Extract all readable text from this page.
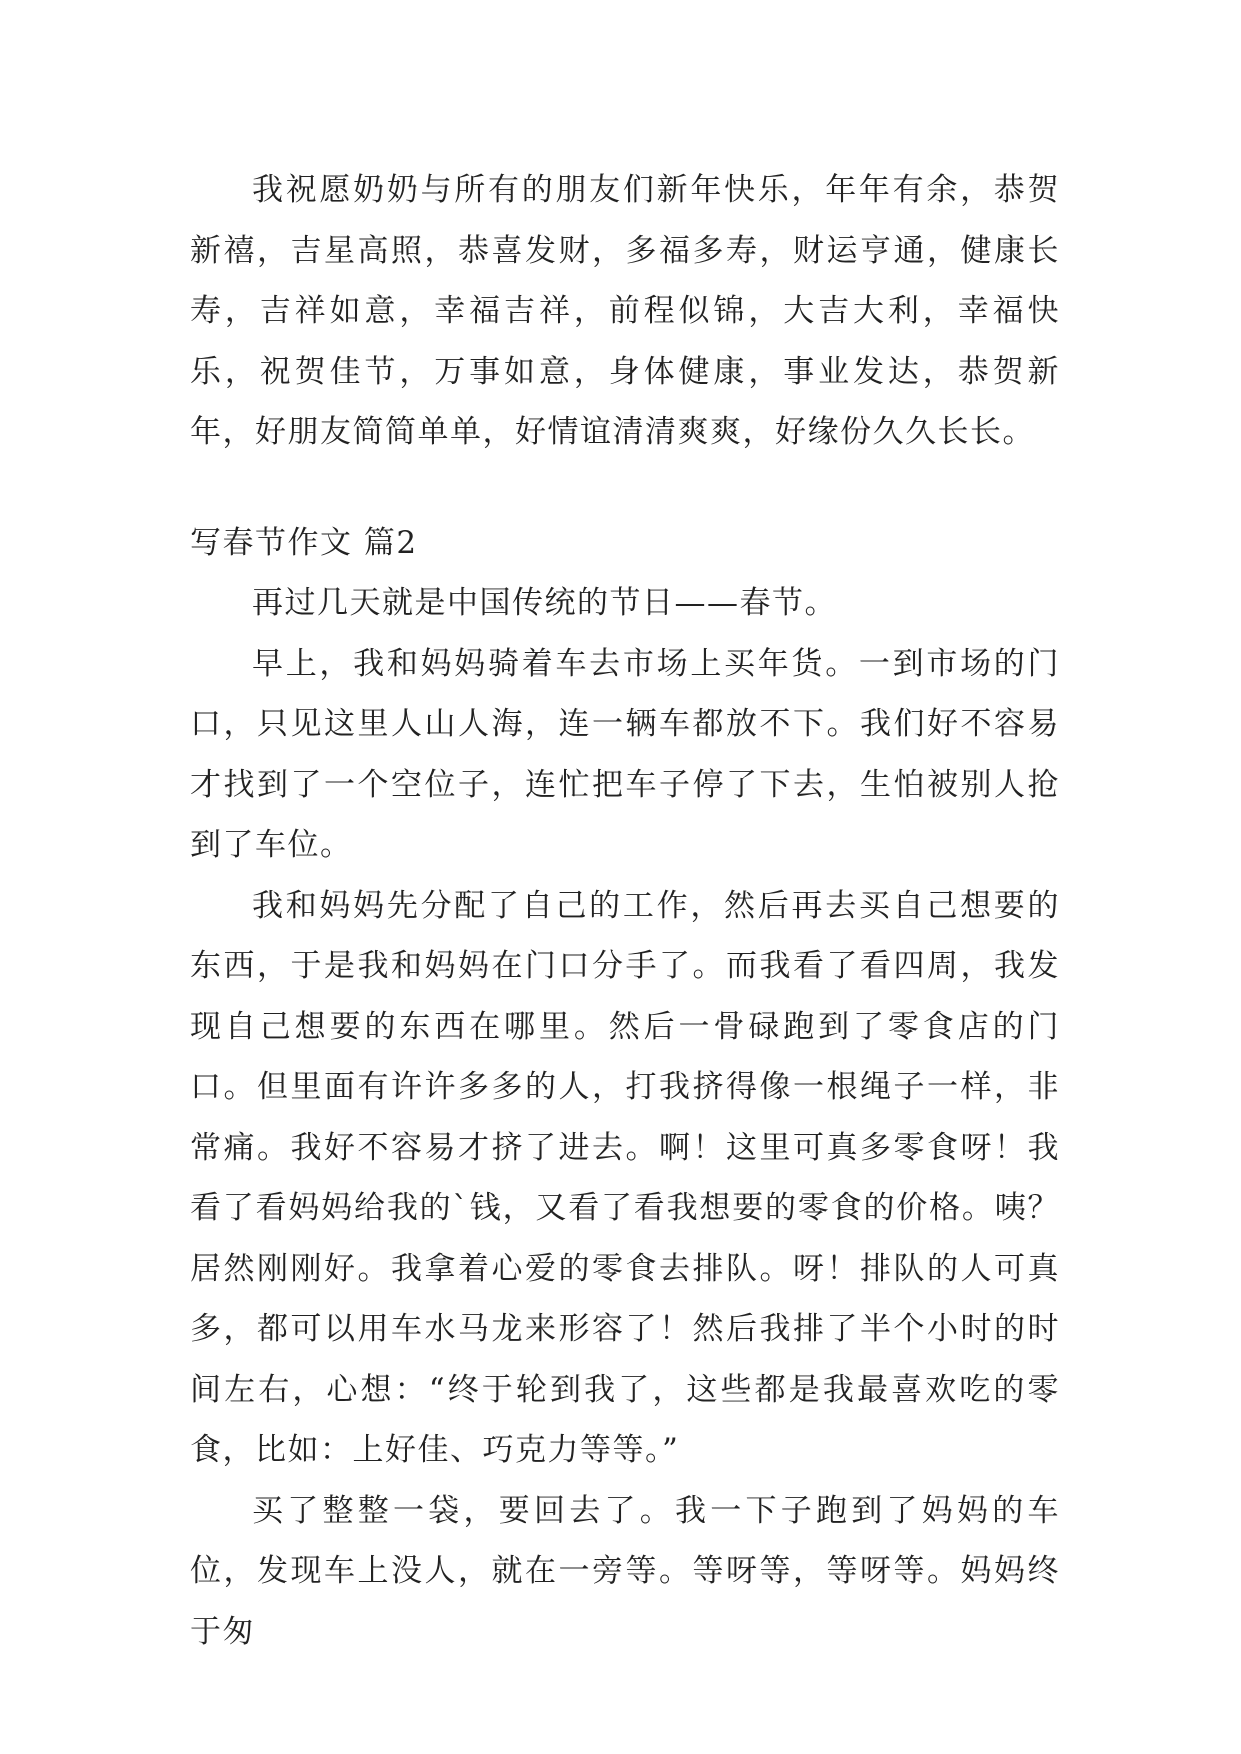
我祝愿奶奶与所有的朋友们新年快乐，年年有余，恭贺新禧，吉星高照，恭喜发财，多福多寿，财运亨通，健康长寿，吉祥如意，幸福吉祥，前程似锦，大吉大利，幸福快乐，祝贺佳节，万事如意，身体健康，事业发达，恭贺新年，好朋友简简单单，好情谊清清爽爽，好缘份久久长长。

写春节作文 篇2

再过几天就是中国传统的节日——春节。

早上，我和妈妈骑着车去市场上买年货。一到市场的门口，只见这里人山人海，连一辆车都放不下。我们好不容易才找到了一个空位子，连忙把车子停了下去，生怕被别人抢到了车位。

我和妈妈先分配了自己的工作，然后再去买自己想要的东西，于是我和妈妈在门口分手了。而我看了看四周，我发现自己想要的东西在哪里。然后一骨碌跑到了零食店的门口。但里面有许许多多的人，打我挤得像一根绳子一样，非常痛。我好不容易才挤了进去。啊！这里可真多零食呀！我看了看妈妈给我的`钱，又看了看我想要的零食的价格。咦？居然刚刚好。我拿着心爱的零食去排队。呀！排队的人可真多，都可以用车水马龙来形容了！然后我排了半个小时的时间左右，心想：“终于轮到我了，这些都是我最喜欢吃的零食，比如：上好佳、巧克力等等。”

买了整整一袋，要回去了。我一下子跑到了妈妈的车位，发现车上没人，就在一旁等。等呀等，等呀等。妈妈终于匆
